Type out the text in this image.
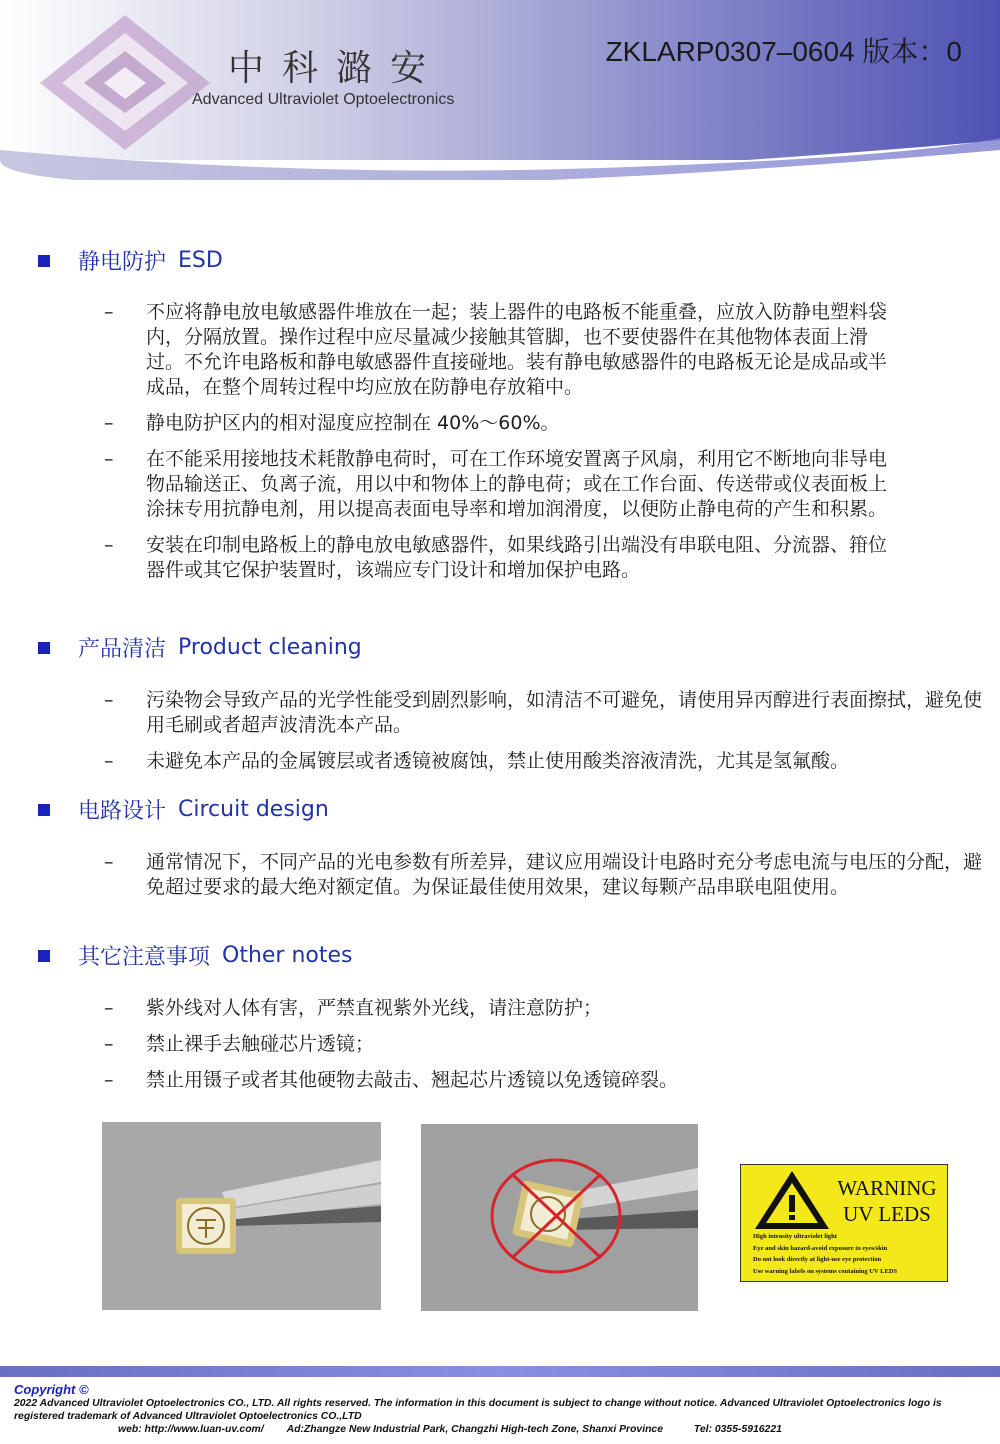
中科潞安
Advanced Ultraviolet Optoelectronics
ZKLARP0307–0604 版本：0
静电防护 ESD
–	不应将静电放电敏感器件堆放在一起；装上器件的电路板不能重叠，应放入防静电塑料袋内，分隔放置。操作过程中应尽量减少接触其管脚，也不要使器件在其他物体表面上滑过。不允许电路板和静电敏感器件直接碰地。装有静电敏感器件的电路板无论是成品或半成品，在整个周转过程中均应放在防静电存放箱中。
–	静电防护区内的相对湿度应控制在 40%～60%。
–	在不能采用接地技术耗散静电荷时，可在工作环境安置离子风扇，利用它不断地向非导电物品输送正、负离子流，用以中和物体上的静电荷；或在工作台面、传送带或仪表面板上涂抹专用抗静电剂，用以提高表面电导率和增加润滑度，以便防止静电荷的产生和积累。
–	安装在印制电路板上的静电放电敏感器件，如果线路引出端没有串联电阻、分流器、箝位器件或其它保护装置时，该端应专门设计和增加保护电路。
产品清洁 Product cleaning
–	污染物会导致产品的光学性能受到剧烈影响，如清洁不可避免，请使用异丙醇进行表面擦拭，避免使用毛刷或者超声波清洗本产品。
–	未避免本产品的金属镀层或者透镜被腐蚀，禁止使用酸类溶液清洗，尤其是氢氟酸。
电路设计 Circuit design
–	通常情况下，不同产品的光电参数有所差异，建议应用端设计电路时充分考虑电流与电压的分配，避免超过要求的最大绝对额定值。为保证最佳使用效果，建议每颗产品串联电阻使用。
其它注意事项 Other notes
–	紫外线对人体有害，严禁直视紫外光线，请注意防护；
–	禁止裸手去触碰芯片透镜；
–	禁止用镊子或者其他硬物去敲击、翘起芯片透镜以免透镜碎裂。
WARNING
UV LEDS
High intensity ultraviolet light
Eye and skin hazard-avoid exposure to eyes/skin
Do not look directly at light-use eye protection
Use warning labels on systems containing UV LEDS
Copyright ©
2022 Advanced Ultraviolet Optoelectronics CO., LTD. All rights reserved. The information in this document is subject to change without notice. Advanced Ultraviolet Optoelectronics logo is registered trademark of Advanced Ultraviolet Optoelectronics CO.,LTD
web: http://www.luan-uv.com/ Ad:Zhangze New Industrial Park, Changzhi High-tech Zone, Shanxi Province	Tel: 0355-5916221
